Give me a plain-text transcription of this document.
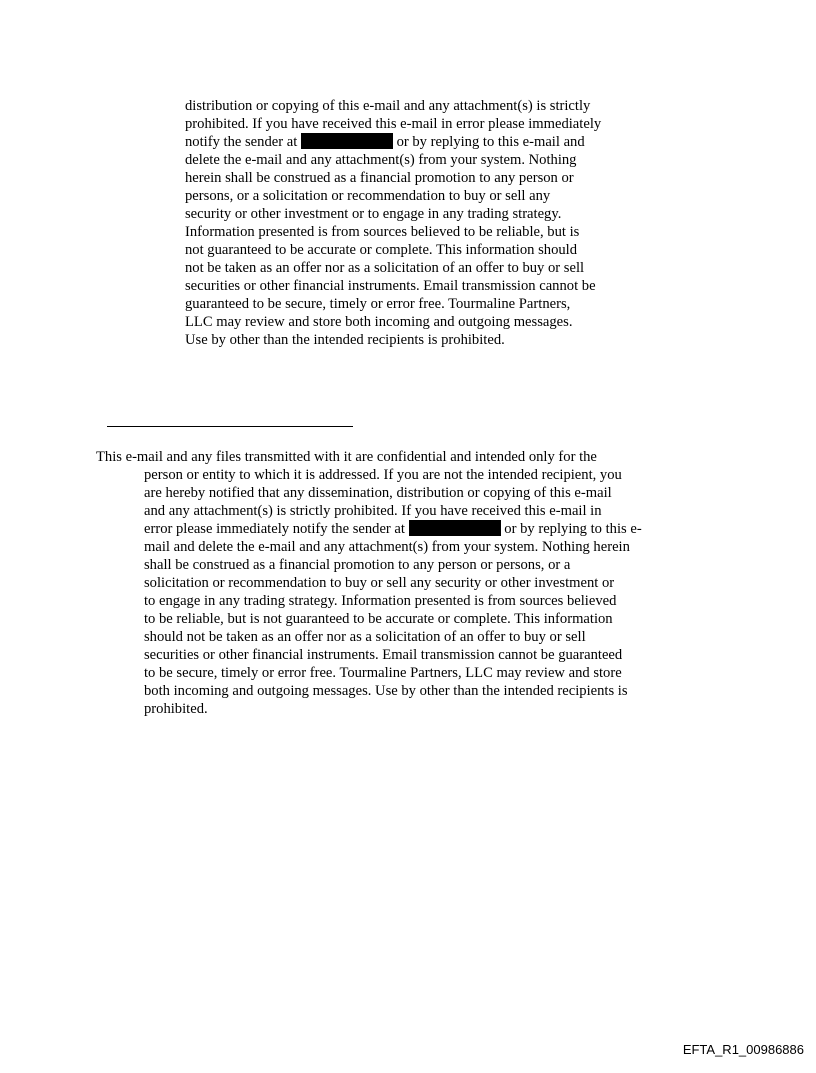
distribution or copying of this e-mail and any attachment(s) is strictly
prohibited. If you have received this e-mail in error please immediately
notify the sender at	or by replying to this e-mail and
delete the e-mail and any attachment(s) from your system. Nothing
herein shall be construed as a financial promotion to any person or
persons, or a solicitation or recommendation to buy or sell any
security or other investment or to engage in any trading strategy.
Information presented is from sources believed to be reliable, but is
not guaranteed to be accurate or complete. This information should
not be taken as an offer nor as a solicitation of an offer to buy or sell
securities or other financial instruments. Email transmission cannot be
guaranteed to be secure, timely or error free. Tourmaline Partners,
LLC may review and store both incoming and outgoing messages.
Use by other than the intended recipients is prohibited.
This e-mail and any files transmitted with it are confidential and intended only for the
person or entity to which it is addressed. If you are not the intended recipient, you
are hereby notified that any dissemination, distribution or copying of this e-mail
and any attachment(s) is strictly prohibited. If you have received this e-mail in
error please immediately notify the sender at	or by replying to this e-
mail and delete the e-mail and any attachment(s) from your system. Nothing herein
shall be construed as a financial promotion to any person or persons, or a
solicitation or recommendation to buy or sell any security or other investment or
to engage in any trading strategy. Information presented is from sources believed
to be reliable, but is not guaranteed to be accurate or complete. This information
should not be taken as an offer nor as a solicitation of an offer to buy or sell
securities or other financial instruments. Email transmission cannot be guaranteed
to be secure, timely or error free. Tourmaline Partners, LLC may review and store
both incoming and outgoing messages. Use by other than the intended recipients is
prohibited.
EFTA_R1_00986886
